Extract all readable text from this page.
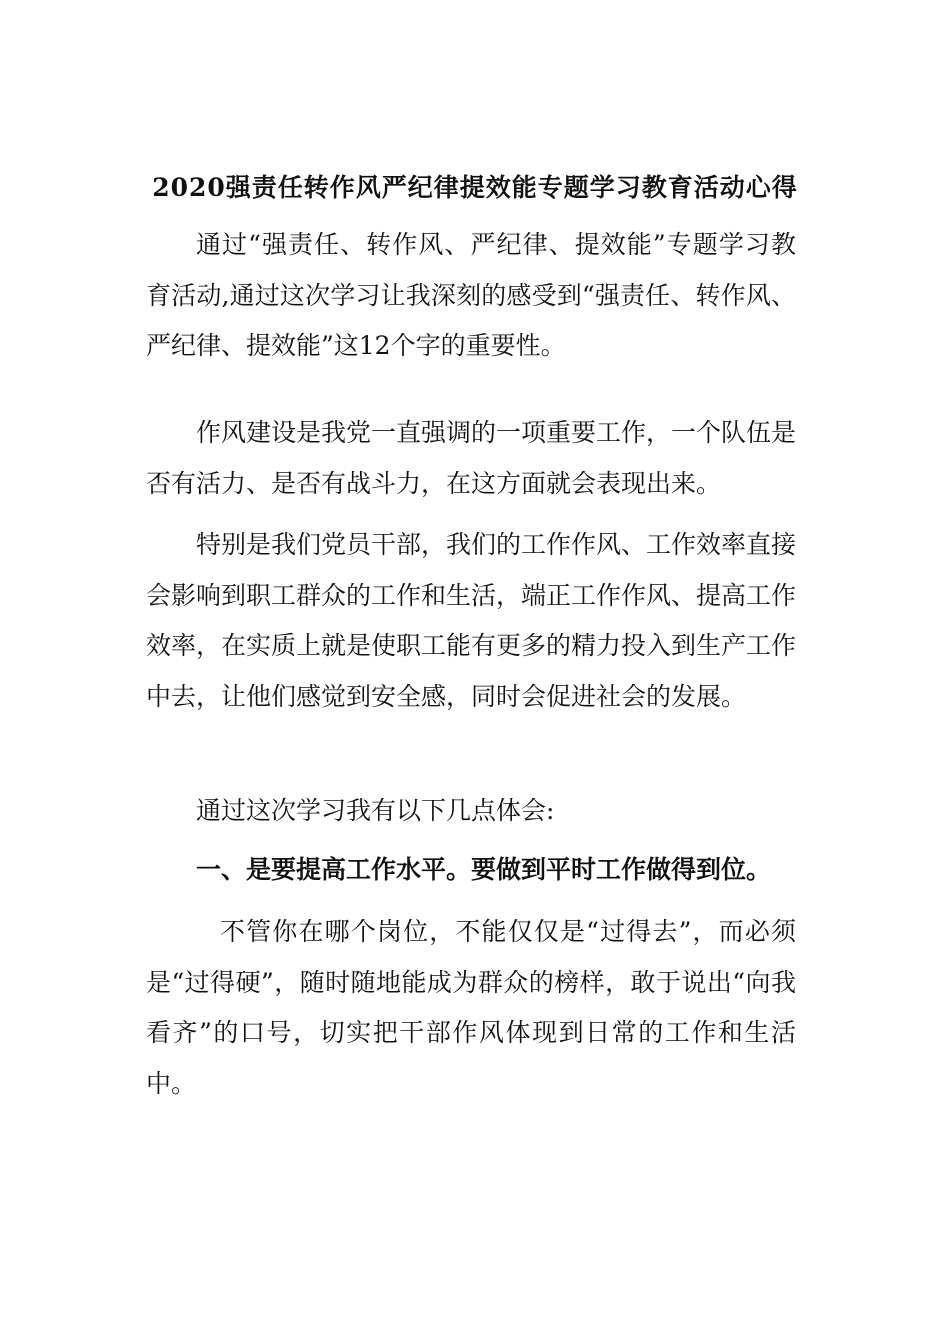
2020强责任转作风严纪律提效能专题学习教育活动心得

通过“强责任、转作风、严纪律、提效能”专题学习教育活动,通过这次学习让我深刻的感受到“强责任、转作风、严纪律、提效能”这12个字的重要性。

作风建设是我党一直强调的一项重要工作，一个队伍是否有活力、是否有战斗力，在这方面就会表现出来。

特别是我们党员干部，我们的工作作风、工作效率直接会影响到职工群众的工作和生活，端正工作作风、提高工作效率，在实质上就是使职工能有更多的精力投入到生产工作中去，让他们感觉到安全感，同时会促进社会的发展。

通过这次学习我有以下几点体会:

一、是要提高工作水平。要做到平时工作做得到位。

不管你在哪个岗位，不能仅仅是“过得去”，而必须是“过得硬”，随时随地能成为群众的榜样，敢于说出“向我看齐”的口号，切实把干部作风体现到日常的工作和生活中。
